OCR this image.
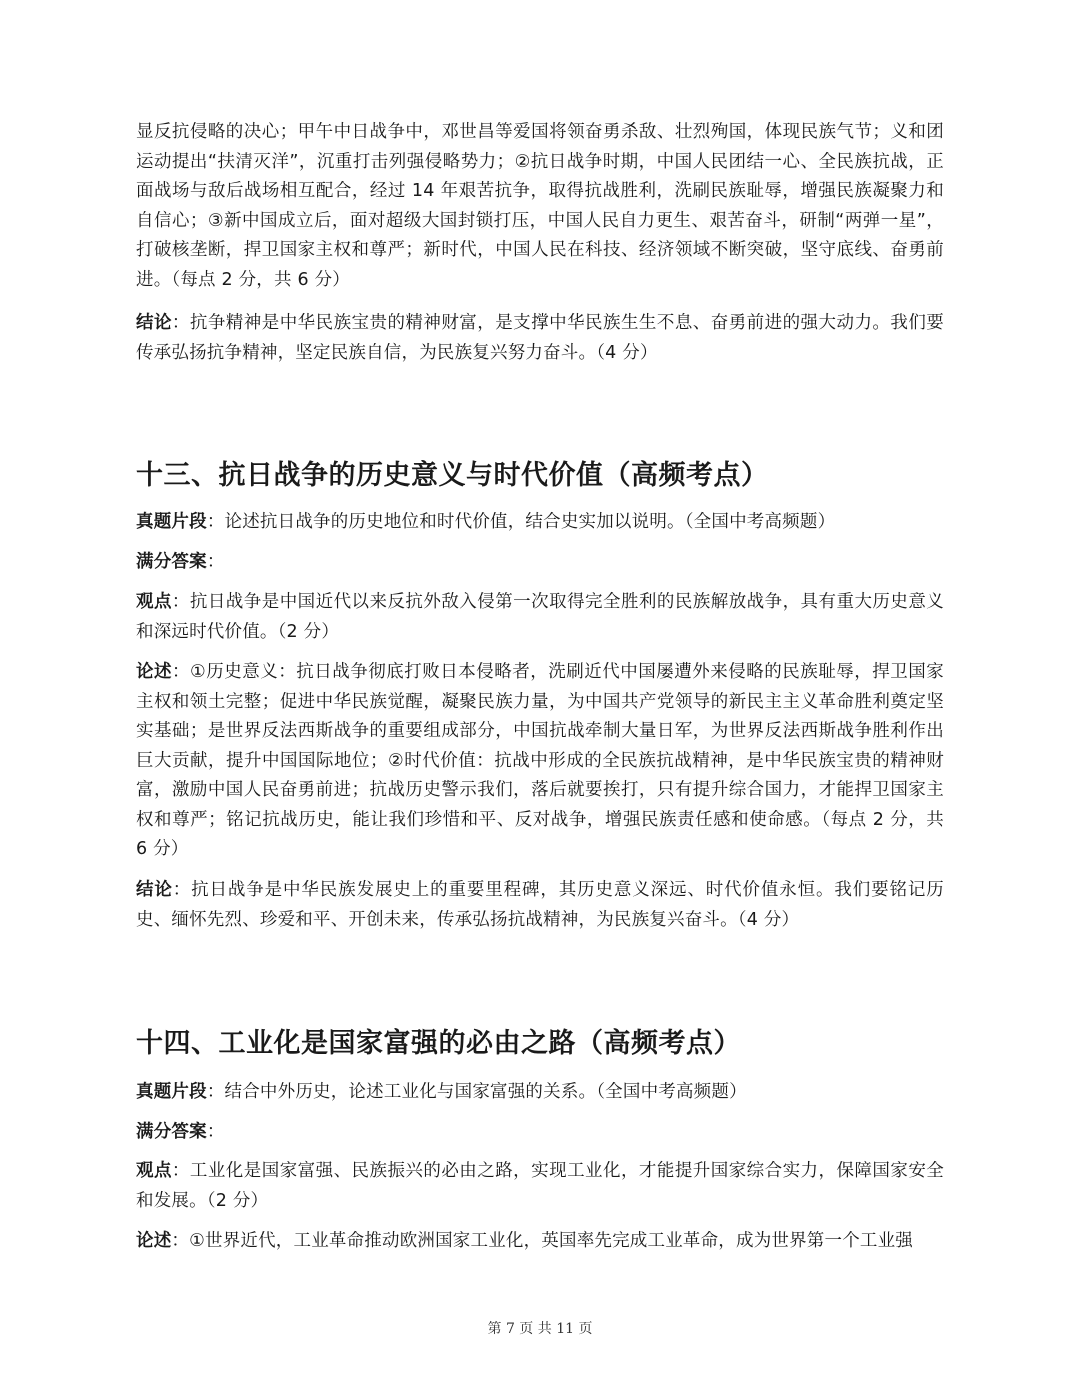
显反抗侵略的决心；甲午中日战争中，邓世昌等爱国将领奋勇杀敌、壮烈殉国，体现民族气节；义和团运动提出“扶清灭洋”，沉重打击列强侵略势力；②抗日战争时期，中国人民团结一心、全民族抗战，正面战场与敌后战场相互配合，经过 14 年艰苦抗争，取得抗战胜利，洗刷民族耻辱，增强民族凝聚力和自信心；③新中国成立后，面对超级大国封锁打压，中国人民自力更生、艰苦奋斗，研制“两弹一星”，打破核垄断，捍卫国家主权和尊严；新时代，中国人民在科技、经济领域不断突破，坚守底线、奋勇前进。（每点 2 分，共 6 分）

结论：抗争精神是中华民族宝贵的精神财富，是支撑中华民族生生不息、奋勇前进的强大动力。我们要传承弘扬抗争精神，坚定民族自信，为民族复兴努力奋斗。（4 分）

十三、抗日战争的历史意义与时代价值（高频考点）

真题片段：论述抗日战争的历史地位和时代价值，结合史实加以说明。（全国中考高频题）

满分答案：

观点：抗日战争是中国近代以来反抗外敌入侵第一次取得完全胜利的民族解放战争，具有重大历史意义和深远时代价值。（2 分）

论述：①历史意义：抗日战争彻底打败日本侵略者，洗刷近代中国屡遭外来侵略的民族耻辱，捍卫国家主权和领土完整；促进中华民族觉醒，凝聚民族力量，为中国共产党领导的新民主主义革命胜利奠定坚实基础；是世界反法西斯战争的重要组成部分，中国抗战牵制大量日军，为世界反法西斯战争胜利作出巨大贡献，提升中国国际地位；②时代价值：抗战中形成的全民族抗战精神，是中华民族宝贵的精神财富，激励中国人民奋勇前进；抗战历史警示我们，落后就要挨打，只有提升综合国力，才能捍卫国家主权和尊严；铭记抗战历史，能让我们珍惜和平、反对战争，增强民族责任感和使命感。（每点 2 分，共 6 分）

结论：抗日战争是中华民族发展史上的重要里程碑，其历史意义深远、时代价值永恒。我们要铭记历史、缅怀先烈、珍爱和平、开创未来，传承弘扬抗战精神，为民族复兴奋斗。（4 分）

十四、工业化是国家富强的必由之路（高频考点）

真题片段：结合中外历史，论述工业化与国家富强的关系。（全国中考高频题）

满分答案：

观点：工业化是国家富强、民族振兴的必由之路，实现工业化，才能提升国家综合实力，保障国家安全和发展。（2 分）

论述：①世界近代，工业革命推动欧洲国家工业化，英国率先完成工业革命，成为世界第一个工业强

第 7 页 共 11 页
